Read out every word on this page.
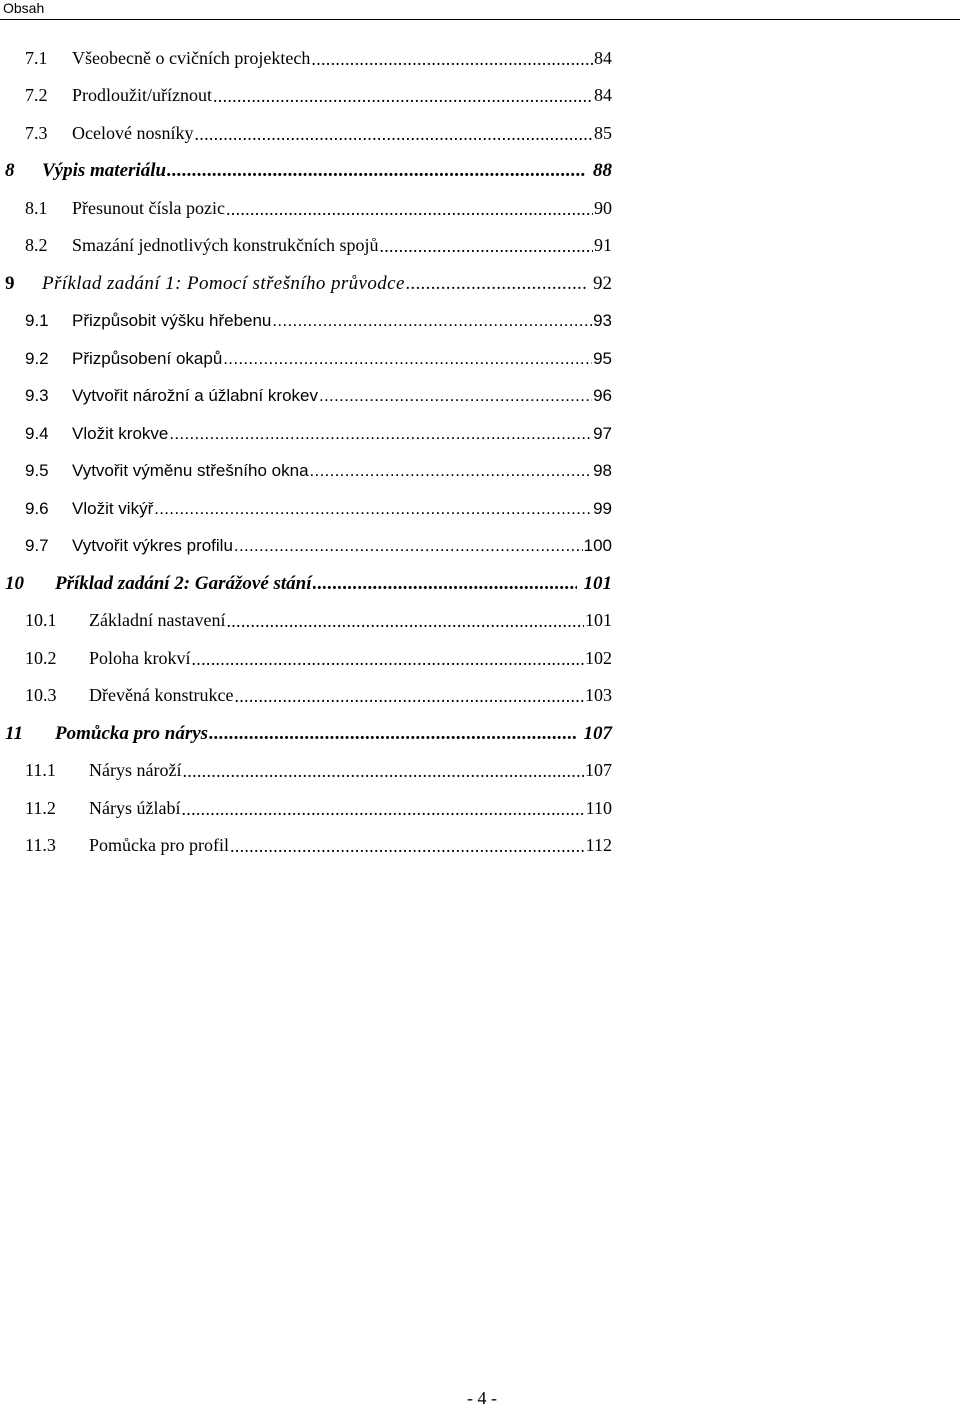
Obsah
7.1	Všeobecně o cvičních projektech .....	84
7.2	Prodloužit/uříznout .....	84
7.3	Ocelové nosníky .....	85
8	Výpis materiálu .....	88
8.1	Přesunout čísla pozic .....	90
8.2	Smazání jednotlivých konstrukčních spojů .....	91
9	Příklad zadání 1: Pomocí střešního průvodce .....	92
9.1	Přizpůsobit výšku hřebenu .....	93
9.2	Přizpůsobení okapů .....	95
9.3	Vytvořit nárožní a úžlabní krokev .....	96
9.4	Vložit krokve .....	97
9.5	Vytvořit výměnu střešního okna .....	98
9.6	Vložit vikýř .....	99
9.7	Vytvořit výkres profilu .....	100
10	Příklad zadání 2: Garážové stání .....	101
10.1	Základní nastavení .....	101
10.2	Poloha krokví .....	102
10.3	Dřevěná konstrukce .....	103
11	Pomůcka pro nárys .....	107
11.1	Nárys nároží .....	107
11.2	Nárys úžlabí .....	110
11.3	Pomůcka pro profil .....	112
- 4 -
